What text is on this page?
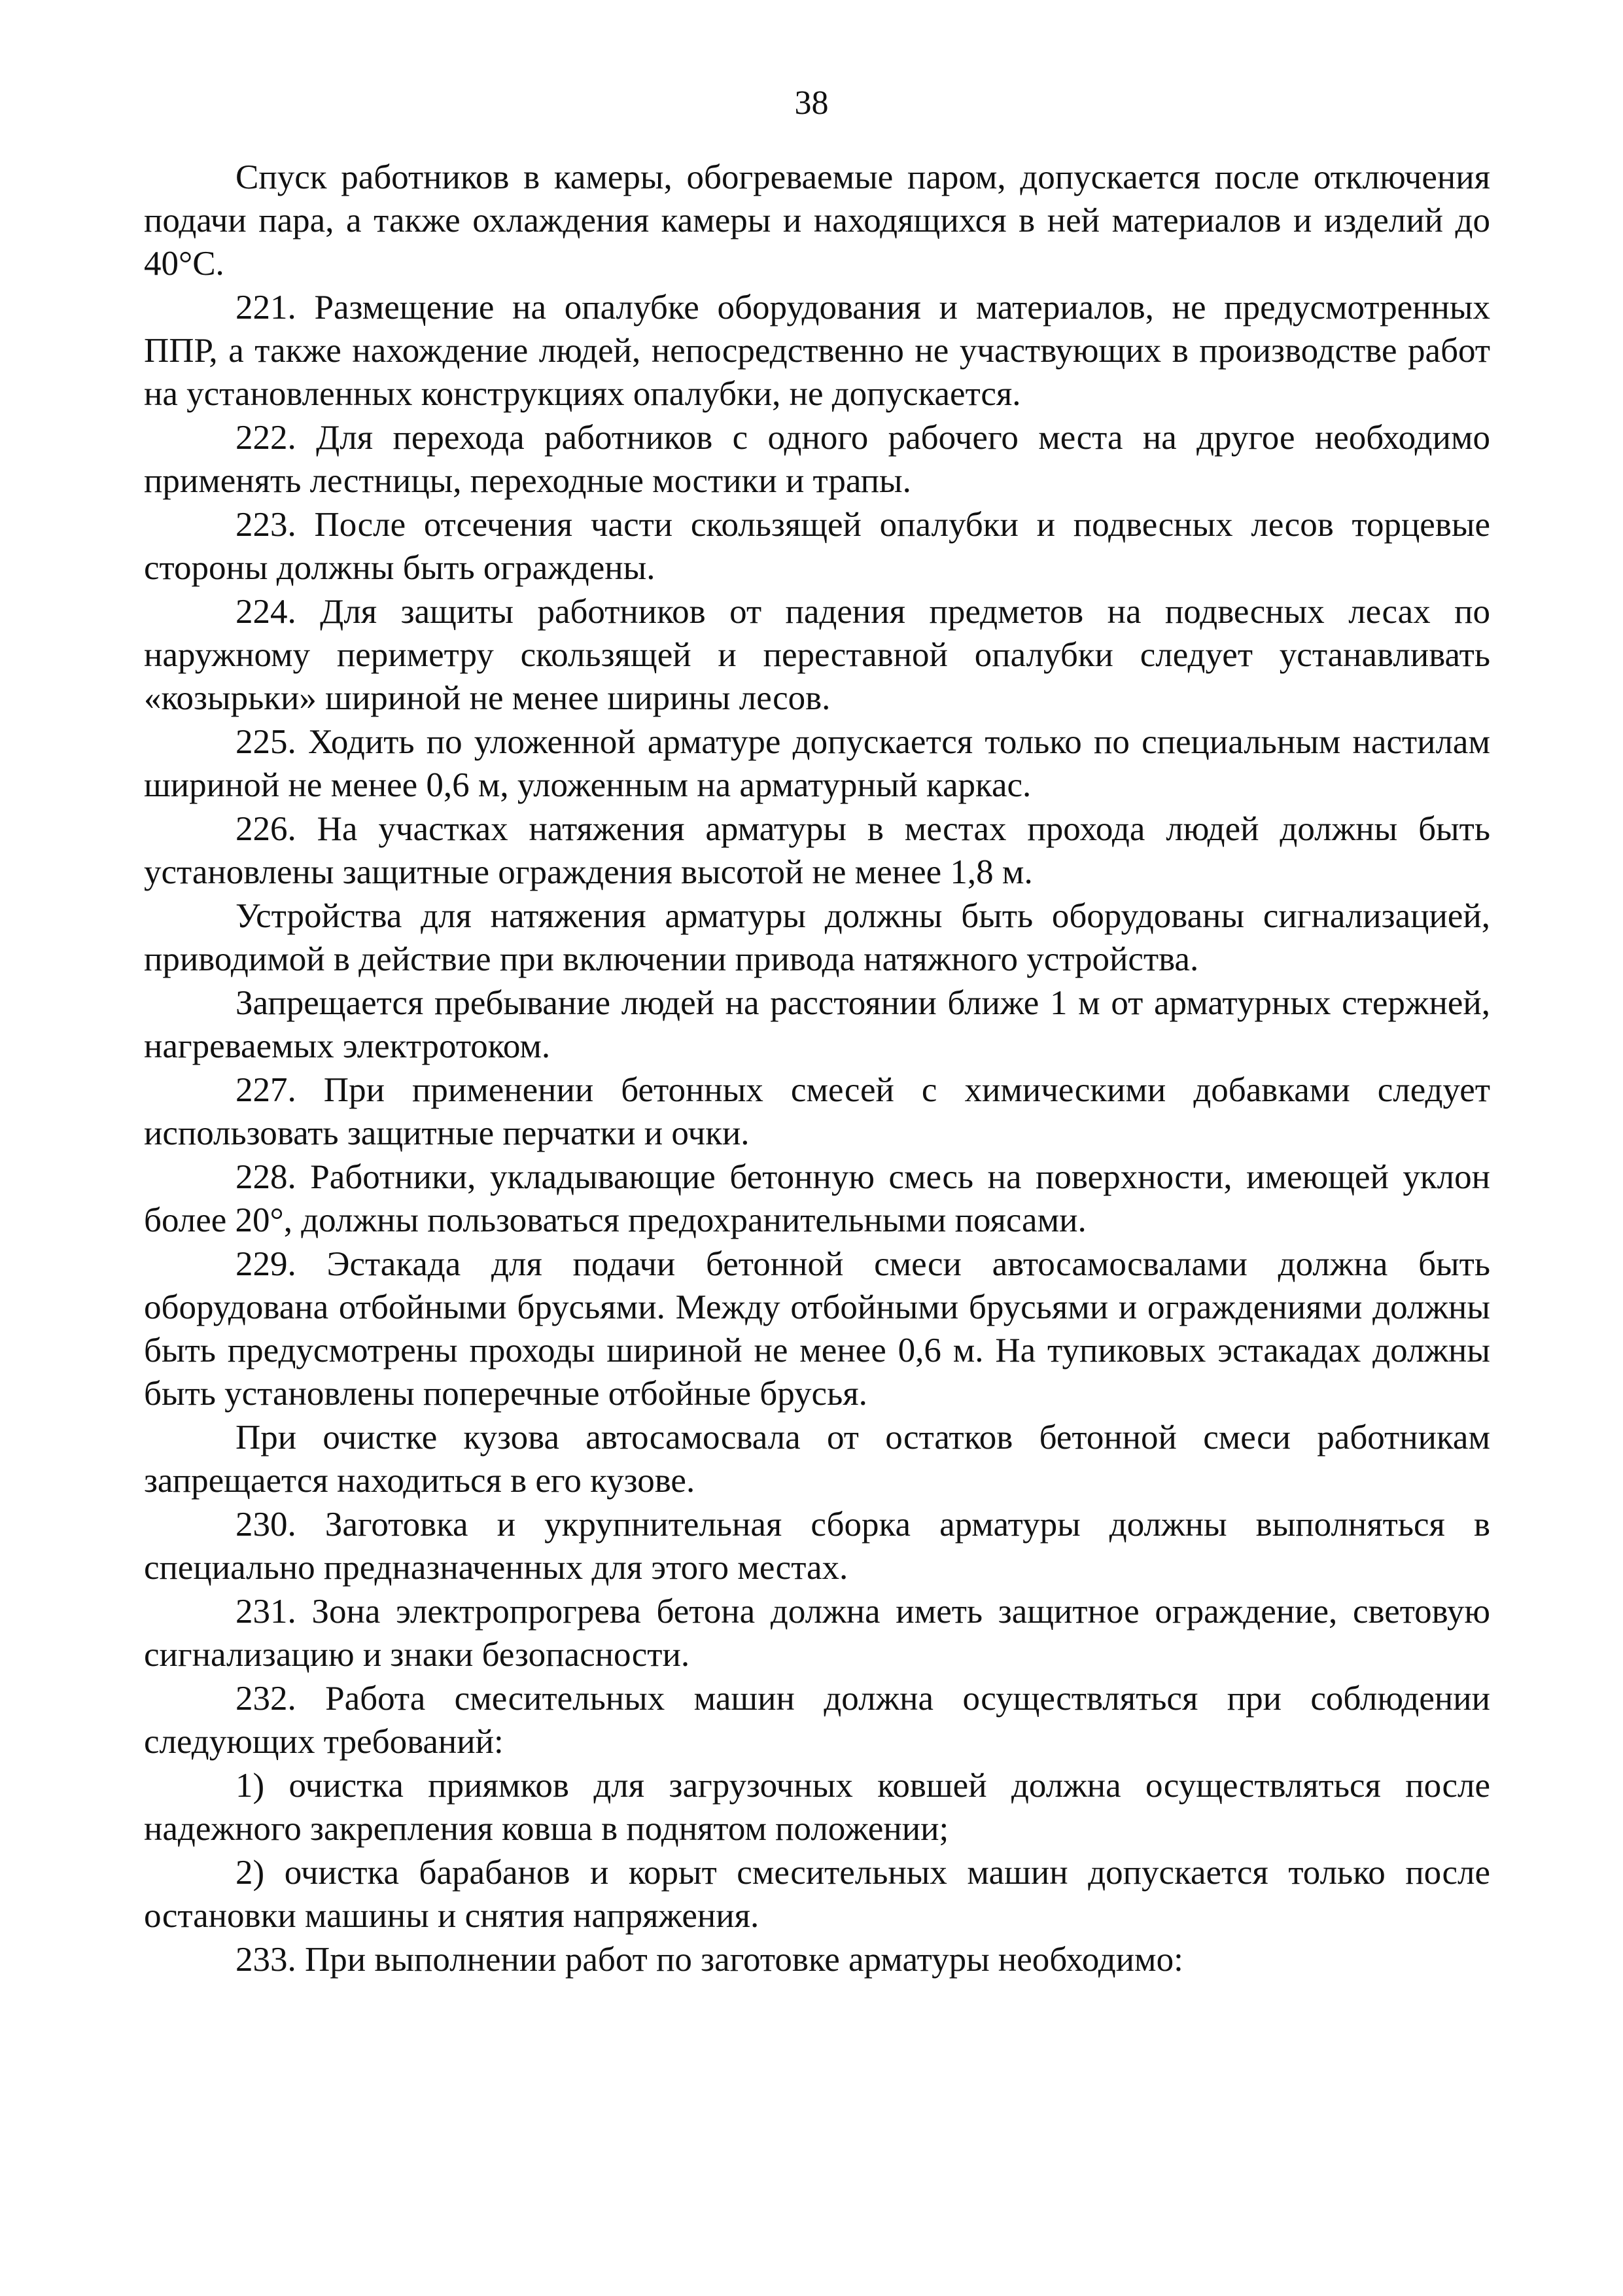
38

Спуск работников в камеры, обогреваемые паром, допускается после отключения подачи пара, а также охлаждения камеры и находящихся в ней материалов и изделий до 40°С.

221. Размещение на опалубке оборудования и материалов, не предусмотренных ППР, а также нахождение людей, непосредственно не участвующих в производстве работ на установленных конструкциях опалубки, не допускается.

222. Для перехода работников с одного рабочего места на другое необходимо применять лестницы, переходные мостики и трапы.

223. После отсечения части скользящей опалубки и подвесных лесов торцевые стороны должны быть ограждены.

224. Для защиты работников от падения предметов на подвесных лесах по наружному периметру скользящей и переставной опалубки следует устанавливать «козырьки» шириной не менее ширины лесов.

225. Ходить по уложенной арматуре допускается только по специальным настилам шириной не менее 0,6 м, уложенным на арматурный каркас.

226. На участках натяжения арматуры в местах прохода людей должны быть установлены защитные ограждения высотой не менее 1,8 м.

Устройства для натяжения арматуры должны быть оборудованы сигнализацией, приводимой в действие при включении привода натяжного устройства.

Запрещается пребывание людей на расстоянии ближе 1 м от арматурных стержней, нагреваемых электротоком.

227. При применении бетонных смесей с химическими добавками следует использовать защитные перчатки и очки.

228. Работники, укладывающие бетонную смесь на поверхности, имеющей уклон более 20°, должны пользоваться предохранительными поясами.

229. Эстакада для подачи бетонной смеси автосамосвалами должна быть оборудована отбойными брусьями. Между отбойными брусьями и ограждениями должны быть предусмотрены проходы шириной не менее 0,6 м. На тупиковых эстакадах должны быть установлены поперечные отбойные брусья.

При очистке кузова автосамосвала от остатков бетонной смеси работникам запрещается находиться в его кузове.

230. Заготовка и укрупнительная сборка арматуры должны выполняться в специально предназначенных для этого местах.

231. Зона электропрогрева бетона должна иметь защитное ограждение, световую сигнализацию и знаки безопасности.

232. Работа смесительных машин должна осуществляться при соблюдении следующих требований:

1) очистка приямков для загрузочных ковшей должна осуществляться после надежного закрепления ковша в поднятом положении;

2) очистка барабанов и корыт смесительных машин допускается только после остановки машины и снятия напряжения.

233. При выполнении работ по заготовке арматуры необходимо:
